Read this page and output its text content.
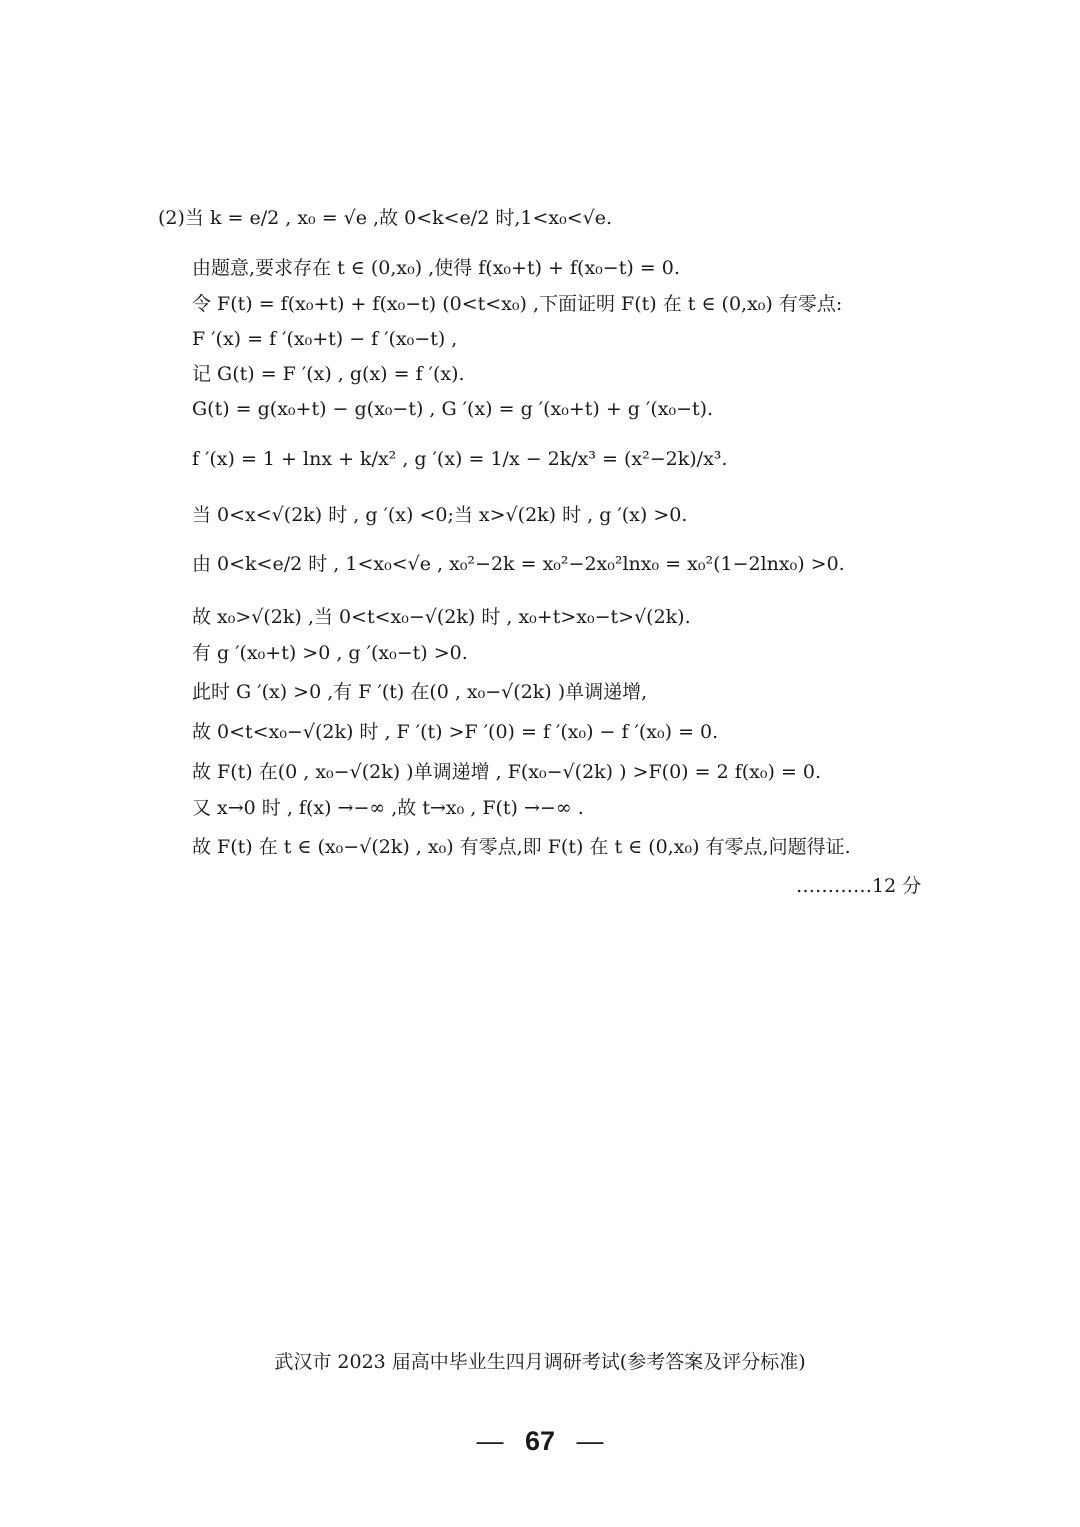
(2)当 k = e/2 , x₀ = √e ,故 0<k<e/2 时,1<x₀<√e.
由题意,要求存在 t ∈ (0,x₀) ,使得 f(x₀+t) + f(x₀−t) = 0.
令 F(t) = f(x₀+t) + f(x₀−t) (0<t<x₀) ,下面证明 F(t) 在 t ∈ (0,x₀) 有零点:
F ′(x) = f ′(x₀+t) − f ′(x₀−t) ,
记 G(t) = F ′(x) , g(x) = f ′(x).
G(t) = g(x₀+t) − g(x₀−t) , G ′(x) = g ′(x₀+t) + g ′(x₀−t).
f ′(x) = 1 + lnx + k/x² , g ′(x) = 1/x − 2k/x³ = (x²−2k)/x³.
当 0<x<√(2k) 时 , g ′(x) <0;当 x>√(2k) 时 , g ′(x) >0.
由 0<k<e/2 时 , 1<x₀<√e , x₀²−2k = x₀²−2x₀²lnx₀ = x₀²(1−2lnx₀) >0.
故 x₀>√(2k) ,当 0<t<x₀−√(2k) 时 , x₀+t>x₀−t>√(2k).
有 g ′(x₀+t) >0 , g ′(x₀−t) >0.
此时 G ′(x) >0 ,有 F ′(t) 在(0 , x₀−√(2k) )单调递增,
故 0<t<x₀−√(2k) 时 , F ′(t) >F ′(0) = f ′(x₀) − f ′(x₀) = 0.
故 F(t) 在(0 , x₀−√(2k) )单调递增 , F(x₀−√(2k) ) >F(0) = 2 f(x₀) = 0.
又 x→0 时 , f(x) →−∞ ,故 t→x₀ , F(t) →−∞ .
故 F(t) 在 t ∈ (x₀−√(2k) , x₀) 有零点,即 F(t) 在 t ∈ (0,x₀) 有零点,问题得证.
…………12 分
武汉市 2023 届高中毕业生四月调研考试(参考答案及评分标准)
— 67 —
